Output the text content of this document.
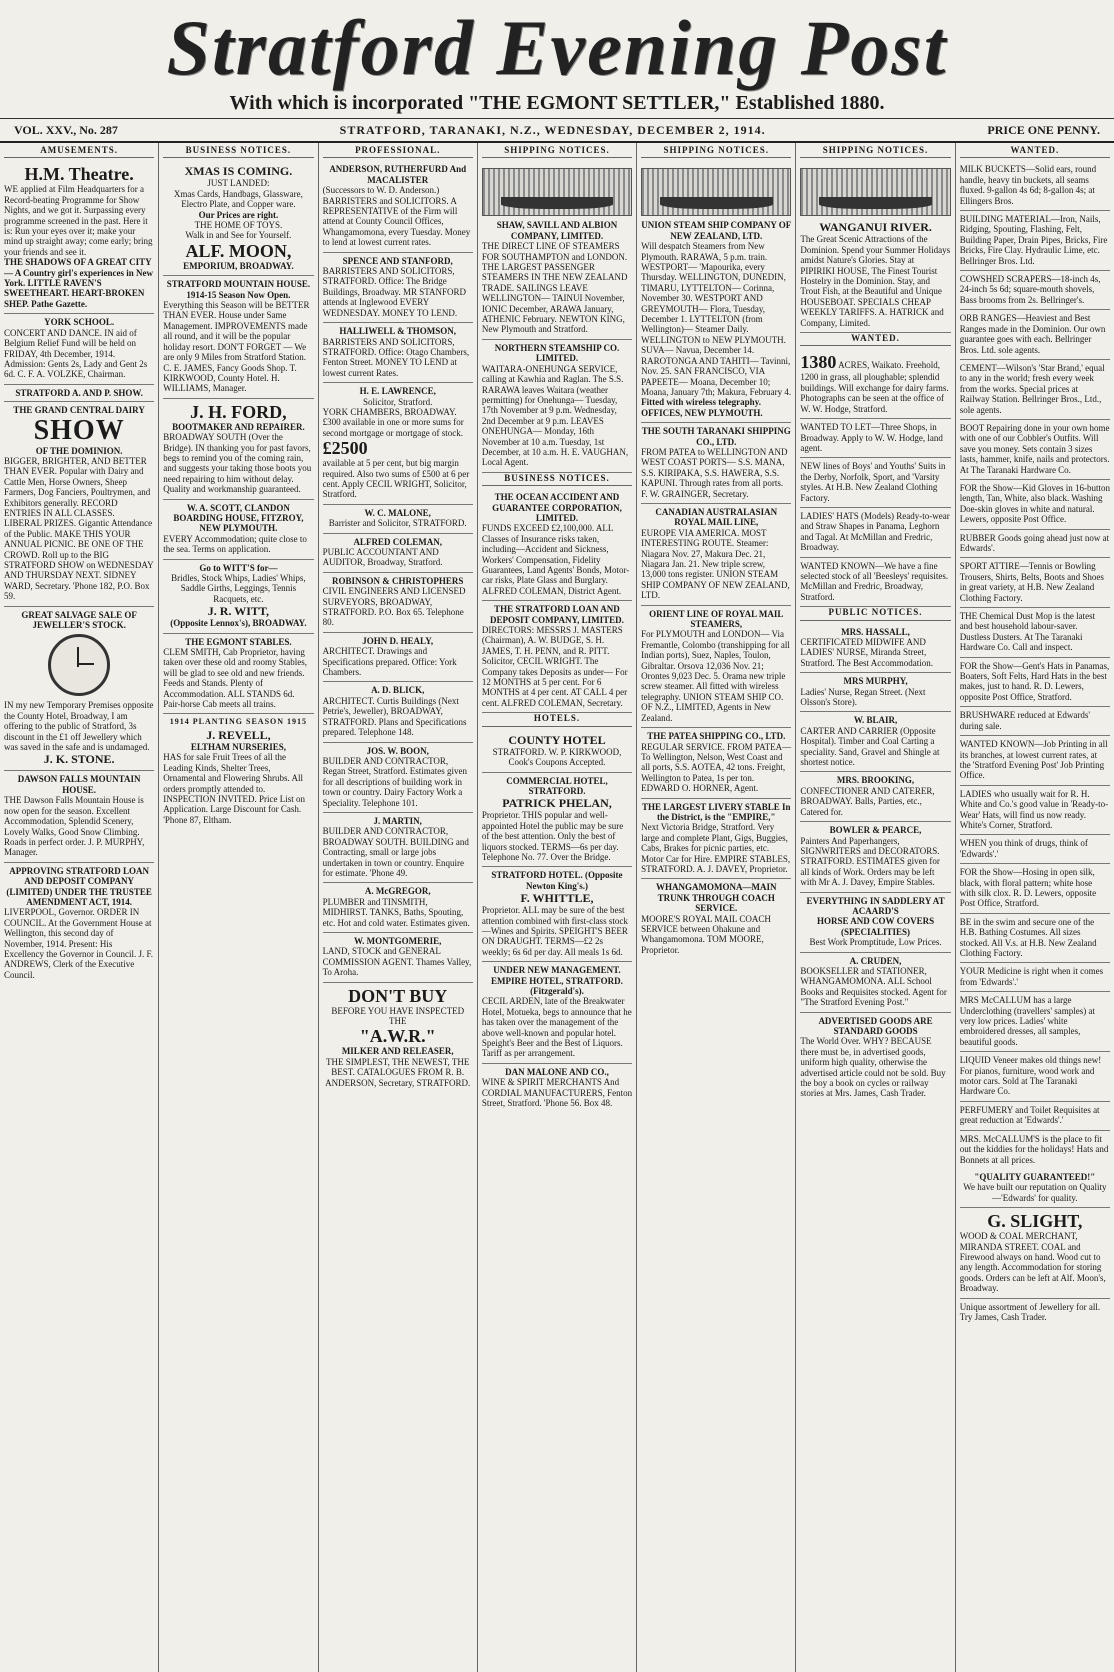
Stratford Evening Post
With which is incorporated "THE EGMONT SETTLER," Established 1880.
VOL. XXV., No. 287	STRATFORD, TARANAKI, N.Z., WEDNESDAY, DECEMBER 2, 1914.	PRICE ONE PENNY.
AMUSEMENTS.
H.M. Theatre.
WE applied at Film Headquarters for a Record-beating Programme for Show Nights, and we got it. Surpassing every programme screened in the past. Here it is: Run your eyes over it; make your mind up straight away; come early; bring your friends and see it.
THE SHADOWS OF A GREAT CITY — A Country girl's experiences in New York. LITTLE RAVEN'S SWEETHEART. HEART-BROKEN SHEP. Pathe Gazette.
YORK SCHOOL.
CONCERT AND DANCE. IN aid of Belgium Relief Fund will be held on FRIDAY, 4th December, 1914. Admission: Gents 2s, Lady and Gent 2s 6d. C. F. A. VOLZKE, Chairman.
STRATFORD A. AND P. SHOW.
THE GRAND CENTRAL DAIRY
SHOW
OF THE DOMINION.
BIGGER, BRIGHTER, AND BETTER THAN EVER. Popular with Dairy and Cattle Men, Horse Owners, Sheep Farmers, Dog Fanciers, Poultrymen, and Exhibitors generally. RECORD ENTRIES IN ALL CLASSES. LIBERAL PRIZES. Gigantic Attendance of the Public. MAKE THIS YOUR ANNUAL PICNIC. BE ONE OF THE CROWD. Roll up to the BIG STRATFORD SHOW on WEDNESDAY AND THURSDAY NEXT. SIDNEY WARD, Secretary. 'Phone 182, P.O. Box 59.
GREAT SALVAGE SALE OF JEWELLER'S STOCK.
IN my new Temporary Premises opposite the County Hotel, Broadway, I am offering to the public of Stratford, 3s discount in the £1 off Jewellery which was saved in the safe and is undamaged.
J. K. STONE.
DAWSON FALLS MOUNTAIN HOUSE.
THE Dawson Falls Mountain House is now open for the season. Excellent Accommodation, Splendid Scenery, Lovely Walks, Good Snow Climbing. Roads in perfect order. J. P. MURPHY, Manager.
APPROVING STRATFORD LOAN AND DEPOSIT COMPANY (LIMITED) UNDER THE TRUSTEE AMENDMENT ACT, 1914.
LIVERPOOL, Governor. ORDER IN COUNCIL. At the Government House at Wellington, this second day of November, 1914. Present: His Excellency the Governor in Council. J. F. ANDREWS, Clerk of the Executive Council.
BUSINESS NOTICES.
XMAS IS COMING.
JUST LANDED:
Xmas Cards, Handbags, Glassware, Electro Plate, and Copper ware.
Our Prices are right.
THE HOME OF TOYS.
Walk in and See for Yourself.
ALF. MOON,
EMPORIUM, BROADWAY.
STRATFORD MOUNTAIN HOUSE.
1914-15 Season Now Open.
Everything this Season will be BETTER THAN EVER. House under Same Management. IMPROVEMENTS made all round, and it will be the popular holiday resort. DON'T FORGET — We are only 9 Miles from Stratford Station. C. E. JAMES, Fancy Goods Shop. T. KIRKWOOD, County Hotel. H. WILLIAMS, Manager.
J. H. FORD,
BOOTMAKER AND REPAIRER.
BROADWAY SOUTH (Over the Bridge). IN thanking you for past favors, begs to remind you of the coming rain, and suggests your taking those boots you need repairing to him without delay. Quality and workmanship guaranteed.
W. A. SCOTT, CLANDON BOARDING HOUSE, FITZROY, NEW PLYMOUTH.
EVERY Accommodation; quite close to the sea. Terms on application.
Go to WITT'S for—
Bridles, Stock Whips, Ladies' Whips, Saddle Girths, Leggings, Tennis Racquets, etc.
J. R. WITT,
(Opposite Lennox's), BROADWAY.
THE EGMONT STABLES.
CLEM SMITH, Cab Proprietor, having taken over these old and roomy Stables, will be glad to see old and new friends. Feeds and Stands. Plenty of Accommodation. ALL STANDS 6d. Pair-horse Cab meets all trains.
1914 PLANTING SEASON 1915
J. REVELL,
ELTHAM NURSERIES,
HAS for sale Fruit Trees of all the Leading Kinds, Shelter Trees, Ornamental and Flowering Shrubs. All orders promptly attended to. INSPECTION INVITED. Price List on Application. Large Discount for Cash. 'Phone 87, Eltham.
PROFESSIONAL.
ANDERSON, RUTHERFURD And MACALISTER
(Successors to W. D. Anderson.) BARRISTERS and SOLICITORS. A REPRESENTATIVE of the Firm will attend at County Council Offices, Whangamomona, every Tuesday. Money to lend at lowest current rates.
SPENCE AND STANFORD,
BARRISTERS AND SOLICITORS, STRATFORD. Office: The Bridge Buildings, Broadway. MR STANFORD attends at Inglewood EVERY WEDNESDAY. MONEY TO LEND.
HALLIWELL & THOMSON,
BARRISTERS AND SOLICITORS, STRATFORD. Office: Otago Chambers, Fenton Street. MONEY TO LEND at lowest current Rates.
H. E. LAWRENCE,
Solicitor, Stratford.
YORK CHAMBERS, BROADWAY. £300 available in one or more sums for second mortgage or mortgage of stock.
£2500
available at 5 per cent, but big margin required. Also two sums of £500 at 6 per cent. Apply CECIL WRIGHT, Solicitor, Stratford.
W. C. MALONE,
Barrister and Solicitor, STRATFORD.
ALFRED COLEMAN,
PUBLIC ACCOUNTANT AND AUDITOR, Broadway, Stratford.
ROBINSON & CHRISTOPHERS
CIVIL ENGINEERS AND LICENSED SURVEYORS, BROADWAY, STRATFORD. P.O. Box 65. Telephone 80.
JOHN D. HEALY,
ARCHITECT. Drawings and Specifications prepared. Office: York Chambers.
A. D. BLICK,
ARCHITECT. Curtis Buildings (Next Petrie's, Jeweller), BROADWAY, STRATFORD. Plans and Specifications prepared. Telephone 148.
JOS. W. BOON,
BUILDER AND CONTRACTOR, Regan Street, Stratford. Estimates given for all descriptions of building work in town or country. Dairy Factory Work a Speciality. Telephone 101.
J. MARTIN,
BUILDER AND CONTRACTOR, BROADWAY SOUTH. BUILDING and Contracting, small or large jobs undertaken in town or country. Enquire for estimate. 'Phone 49.
A. McGREGOR,
PLUMBER and TINSMITH, MIDHIRST. TANKS, Baths, Spouting, etc. Hot and cold water. Estimates given.
W. MONTGOMERIE,
LAND, STOCK and GENERAL COMMISSION AGENT. Thames Valley, To Aroha.
DON'T BUY
BEFORE YOU HAVE INSPECTED THE
"A.W.R."
MILKER AND RELEASER,
THE SIMPLEST, THE NEWEST, THE BEST. CATALOGUES FROM R. B. ANDERSON, Secretary, STRATFORD.
SHIPPING NOTICES.
SHAW, SAVILL AND ALBION COMPANY, LIMITED.
THE DIRECT LINE OF STEAMERS FOR SOUTHAMPTON and LONDON. THE LARGEST PASSENGER STEAMERS IN THE NEW ZEALAND TRADE. SAILINGS LEAVE WELLINGTON— TAINUI November, IONIC December, ARAWA January, ATHENIC February. NEWTON KING, New Plymouth and Stratford.
NORTHERN STEAMSHIP CO. LIMITED.
WAITARA-ONEHUNGA SERVICE, calling at Kawhia and Raglan. The S.S. RARAWA leaves Waitara (weather permitting) for Onehunga— Tuesday, 17th November at 9 p.m. Wednesday, 2nd December at 9 p.m. LEAVES ONEHUNGA— Monday, 16th November at 10 a.m. Tuesday, 1st December, at 10 a.m. H. E. VAUGHAN, Local Agent.
BUSINESS NOTICES.
THE OCEAN ACCIDENT AND GUARANTEE CORPORATION, LIMITED.
FUNDS EXCEED £2,100,000. ALL Classes of Insurance risks taken, including—Accident and Sickness, Workers' Compensation, Fidelity Guarantees, Land Agents' Bonds, Motor-car risks, Plate Glass and Burglary. ALFRED COLEMAN, District Agent.
THE STRATFORD LOAN AND DEPOSIT COMPANY, LIMITED.
DIRECTORS: MESSRS J. MASTERS (Chairman), A. W. BUDGE, S. H. JAMES, T. H. PENN, and R. PITT. Solicitor, CECIL WRIGHT. The Company takes Deposits as under— For 12 MONTHS at 5 per cent. For 6 MONTHS at 4 per cent. AT CALL 4 per cent. ALFRED COLEMAN, Secretary.
HOTELS.
COUNTY HOTEL
STRATFORD. W. P. KIRKWOOD, Cook's Coupons Accepted.
COMMERCIAL HOTEL, STRATFORD.
PATRICK PHELAN,
Proprietor. THIS popular and well-appointed Hotel the public may be sure of the best attention. Only the best of liquors stocked. TERMS—6s per day. Telephone No. 77. Over the Bridge.
STRATFORD HOTEL. (Opposite Newton King's.)
F. WHITTLE,
Proprietor. ALL may be sure of the best attention combined with first-class stock—Wines and Spirits. SPEIGHT'S BEER ON DRAUGHT. TERMS—£2 2s weekly; 6s 6d per day. All meals 1s 6d.
UNDER NEW MANAGEMENT.
EMPIRE HOTEL, STRATFORD. (Fitzgerald's).
CECIL ARDEN, late of the Breakwater Hotel, Motueka, begs to announce that he has taken over the management of the above well-known and popular hotel. Speight's Beer and the Best of Liquors. Tariff as per arrangement.
DAN MALONE AND CO.,
WINE & SPIRIT MERCHANTS And CORDIAL MANUFACTURERS, Fenton Street, Stratford. 'Phone 56. Box 48.
SHIPPING NOTICES.
UNION STEAM SHIP COMPANY OF NEW ZEALAND, LTD.
Will despatch Steamers from New Plymouth. RARAWA, 5 p.m. train. WESTPORT— 'Mapourika, every Thursday. WELLINGTON, DUNEDIN, TIMARU, LYTTELTON— Corinna, November 30. WESTPORT AND GREYMOUTH— Flora, Tuesday, December 1. LYTTELTON (from Wellington)— Steamer Daily. WELLINGTON to NEW PLYMOUTH. SUVA— Navua, December 14. RAROTONGA AND TAHITI— Tavinni, Nov. 25. SAN FRANCISCO, VIA PAPEETE— Moana, December 10; Moana, January 7th; Makura, February 4.
Fitted with wireless telegraphy. OFFICES, NEW PLYMOUTH.
THE SOUTH TARANAKI SHIPPING CO., LTD.
FROM PATEA to WELLINGTON AND WEST COAST PORTS— S.S. MANA, S.S. KIRIPAKA, S.S. HAWERA, S.S. KAPUNI. Through rates from all ports. F. W. GRAINGER, Secretary.
CANADIAN AUSTRALASIAN ROYAL MAIL LINE,
EUROPE VIA AMERICA. MOST INTERESTING ROUTE. Steamer: Niagara Nov. 27, Makura Dec. 21, Niagara Jan. 21. New triple screw, 13,000 tons register. UNION STEAM SHIP COMPANY OF NEW ZEALAND, LTD.
ORIENT LINE OF ROYAL MAIL STEAMERS,
For PLYMOUTH and LONDON— Via Fremantle, Colombo (transhipping for all Indian ports), Suez, Naples, Toulon, Gibraltar. Orsova 12,036 Nov. 21; Orontes 9,023 Dec. 5. Orama new triple screw steamer. All fitted with wireless telegraphy. UNION STEAM SHIP CO. OF N.Z., LIMITED, Agents in New Zealand.
THE PATEA SHIPPING CO., LTD.
REGULAR SERVICE. FROM PATEA— To Wellington, Nelson, West Coast and all ports, S.S. AOTEA, 42 tons. Freight, Wellington to Patea, 1s per ton. EDWARD O. HORNER, Agent.
THE LARGEST LIVERY STABLE In the District, is the "EMPIRE,"
Next Victoria Bridge, Stratford. Very large and complete Plant, Gigs, Buggies, Cabs, Brakes for picnic parties, etc. Motor Car for Hire. EMPIRE STABLES, STRATFORD. A. J. DAVEY, Proprietor.
WHANGAMOMONA—MAIN TRUNK THROUGH COACH SERVICE.
MOORE'S ROYAL MAIL COACH SERVICE between Ohakune and Whangamomona. TOM MOORE, Proprietor.
SHIPPING NOTICES.
WANGANUI RIVER.
The Great Scenic Attractions of the Dominion. Spend your Summer Holidays amidst Nature's Glories. Stay at PIPIRIKI HOUSE, The Finest Tourist Hostelry in the Dominion. Stay, and Trout Fish, at the Beautiful and Unique HOUSEBOAT. SPECIALS CHEAP WEEKLY TARIFFS. A. HATRICK and Company, Limited.
WANTED.
1380 ACRES, Waikato. Freehold, 1200 in grass, all ploughable; splendid buildings. Will exchange for dairy farms. Photographs can be seen at the office of W. W. Hodge, Stratford.
WANTED TO LET—Three Shops, in Broadway. Apply to W. W. Hodge, land agent.
NEW lines of Boys' and Youths' Suits in the Derby, Norfolk, Sport, and 'Varsity styles. At H.B. New Zealand Clothing Factory.
LADIES' HATS (Models) Ready-to-wear and Straw Shapes in Panama, Leghorn and Tagal. At McMillan and Fredric, Broadway.
WANTED KNOWN—We have a fine selected stock of all 'Beesleys' requisites. McMillan and Fredric, Broadway, Stratford.
PUBLIC NOTICES.
MRS. HASSALL,
CERTIFICATED MIDWIFE AND LADIES' NURSE, Miranda Street, Stratford. The Best Accommodation.
MRS MURPHY,
Ladies' Nurse, Regan Street. (Next Olsson's Store).
W. BLAIR,
CARTER AND CARRIER (Opposite Hospital). Timber and Coal Carting a speciality. Sand, Gravel and Shingle at shortest notice.
MRS. BROOKING,
CONFECTIONER AND CATERER, BROADWAY. Balls, Parties, etc., Catered for.
BOWLER & PEARCE,
Painters And Paperhangers, SIGNWRITERS and DECORATORS. STRATFORD. ESTIMATES given for all kinds of Work. Orders may be left with Mr A. J. Davey, Empire Stables.
EVERYTHING IN SADDLERY AT ACAARD'S
HORSE AND COW COVERS (SPECIALITIES)
Best Work Promptitude, Low Prices.
A. CRUDEN,
BOOKSELLER and STATIONER, WHANGAMOMONA. ALL School Books and Requisites stocked. Agent for "The Stratford Evening Post."
ADVERTISED GOODS ARE STANDARD GOODS
The World Over. WHY? BECAUSE there must be, in advertised goods, uniform high quality, otherwise the advertised article could not be sold. Buy the boy a book on cycles or railway stories at Mrs. James, Cash Trader.
WANTED.
MILK BUCKETS—Solid ears, round handle, heavy tin buckets, all seams fluxed. 9-gallon 4s 6d; 8-gallon 4s; at Ellingers Bros.
BUILDING MATERIAL—Iron, Nails, Ridging, Spouting, Flashing, Felt, Building Paper, Drain Pipes, Bricks, Fire Bricks, Fire Clay. Hydraulic Lime, etc. Bellringer Bros. Ltd.
COWSHED SCRAPERS—18-inch 4s, 24-inch 5s 6d; square-mouth shovels, Bass brooms from 2s. Bellringer's.
ORB RANGES—Heaviest and Best Ranges made in the Dominion. Our own guarantee goes with each. Bellringer Bros. Ltd. sole agents.
CEMENT—Wilson's 'Star Brand,' equal to any in the world; fresh every week from the works. Special prices at Railway Station. Bellringer Bros., Ltd., sole agents.
BOOT Repairing done in your own home with one of our Cobbler's Outfits. Will save you money. Sets contain 3 sizes lasts, hammer, knife, nails and protectors. At The Taranaki Hardware Co.
FOR the Show—Kid Gloves in 16-button length, Tan, White, also black. Washing Doe-skin gloves in white and natural. Lewers, opposite Post Office.
RUBBER Goods going ahead just now at Edwards'.
SPORT ATTIRE—Tennis or Bowling Trousers, Shirts, Belts, Boots and Shoes in great variety, at H.B. New Zealand Clothing Factory.
THE Chemical Dust Mop is the latest and best household labour-saver. Dustless Dusters. At The Taranaki Hardware Co. Call and inspect.
FOR the Show—Gent's Hats in Panamas, Boaters, Soft Felts, Hard Hats in the best makes, just to hand. R. D. Lewers, opposite Post Office, Stratford.
BRUSHWARE reduced at Edwards' during sale.
WANTED KNOWN—Job Printing in all its branches, at lowest current rates, at the 'Stratford Evening Post' Job Printing Office.
LADIES who usually wait for R. H. White and Co.'s good value in 'Ready-to-Wear' Hats, will find us now ready. White's Corner, Stratford.
WHEN you think of drugs, think of 'Edwards'.'
FOR the Show—Hosing in open silk, black, with floral pattern; white hose with silk clox. R. D. Lewers, opposite Post Office, Stratford.
BE in the swim and secure one of the H.B. Bathing Costumes. All sizes stocked. All V.s. at H.B. New Zealand Clothing Factory.
YOUR Medicine is right when it comes from 'Edwards'.'
MRS McCALLUM has a large Underclothing (travellers' samples) at very low prices. Ladies' white embroidered dresses, all samples, beautiful goods.
LIQUID Veneer makes old things new! For pianos, furniture, wood work and motor cars. Sold at The Taranaki Hardware Co.
PERFUMERY and Toilet Requisites at great reduction at 'Edwards'.'
MRS. McCALLUM'S is the place to fit out the kiddies for the holidays! Hats and Bonnets at all prices.
"QUALITY GUARANTEED!"
We have built our reputation on Quality—'Edwards' for quality.
G. SLIGHT,
WOOD & COAL MERCHANT, MIRANDA STREET. COAL and Firewood always on hand. Wood cut to any length. Accommodation for storing goods. Orders can be left at Alf. Moon's, Broadway.
Unique assortment of Jewellery for all. Try James, Cash Trader.
